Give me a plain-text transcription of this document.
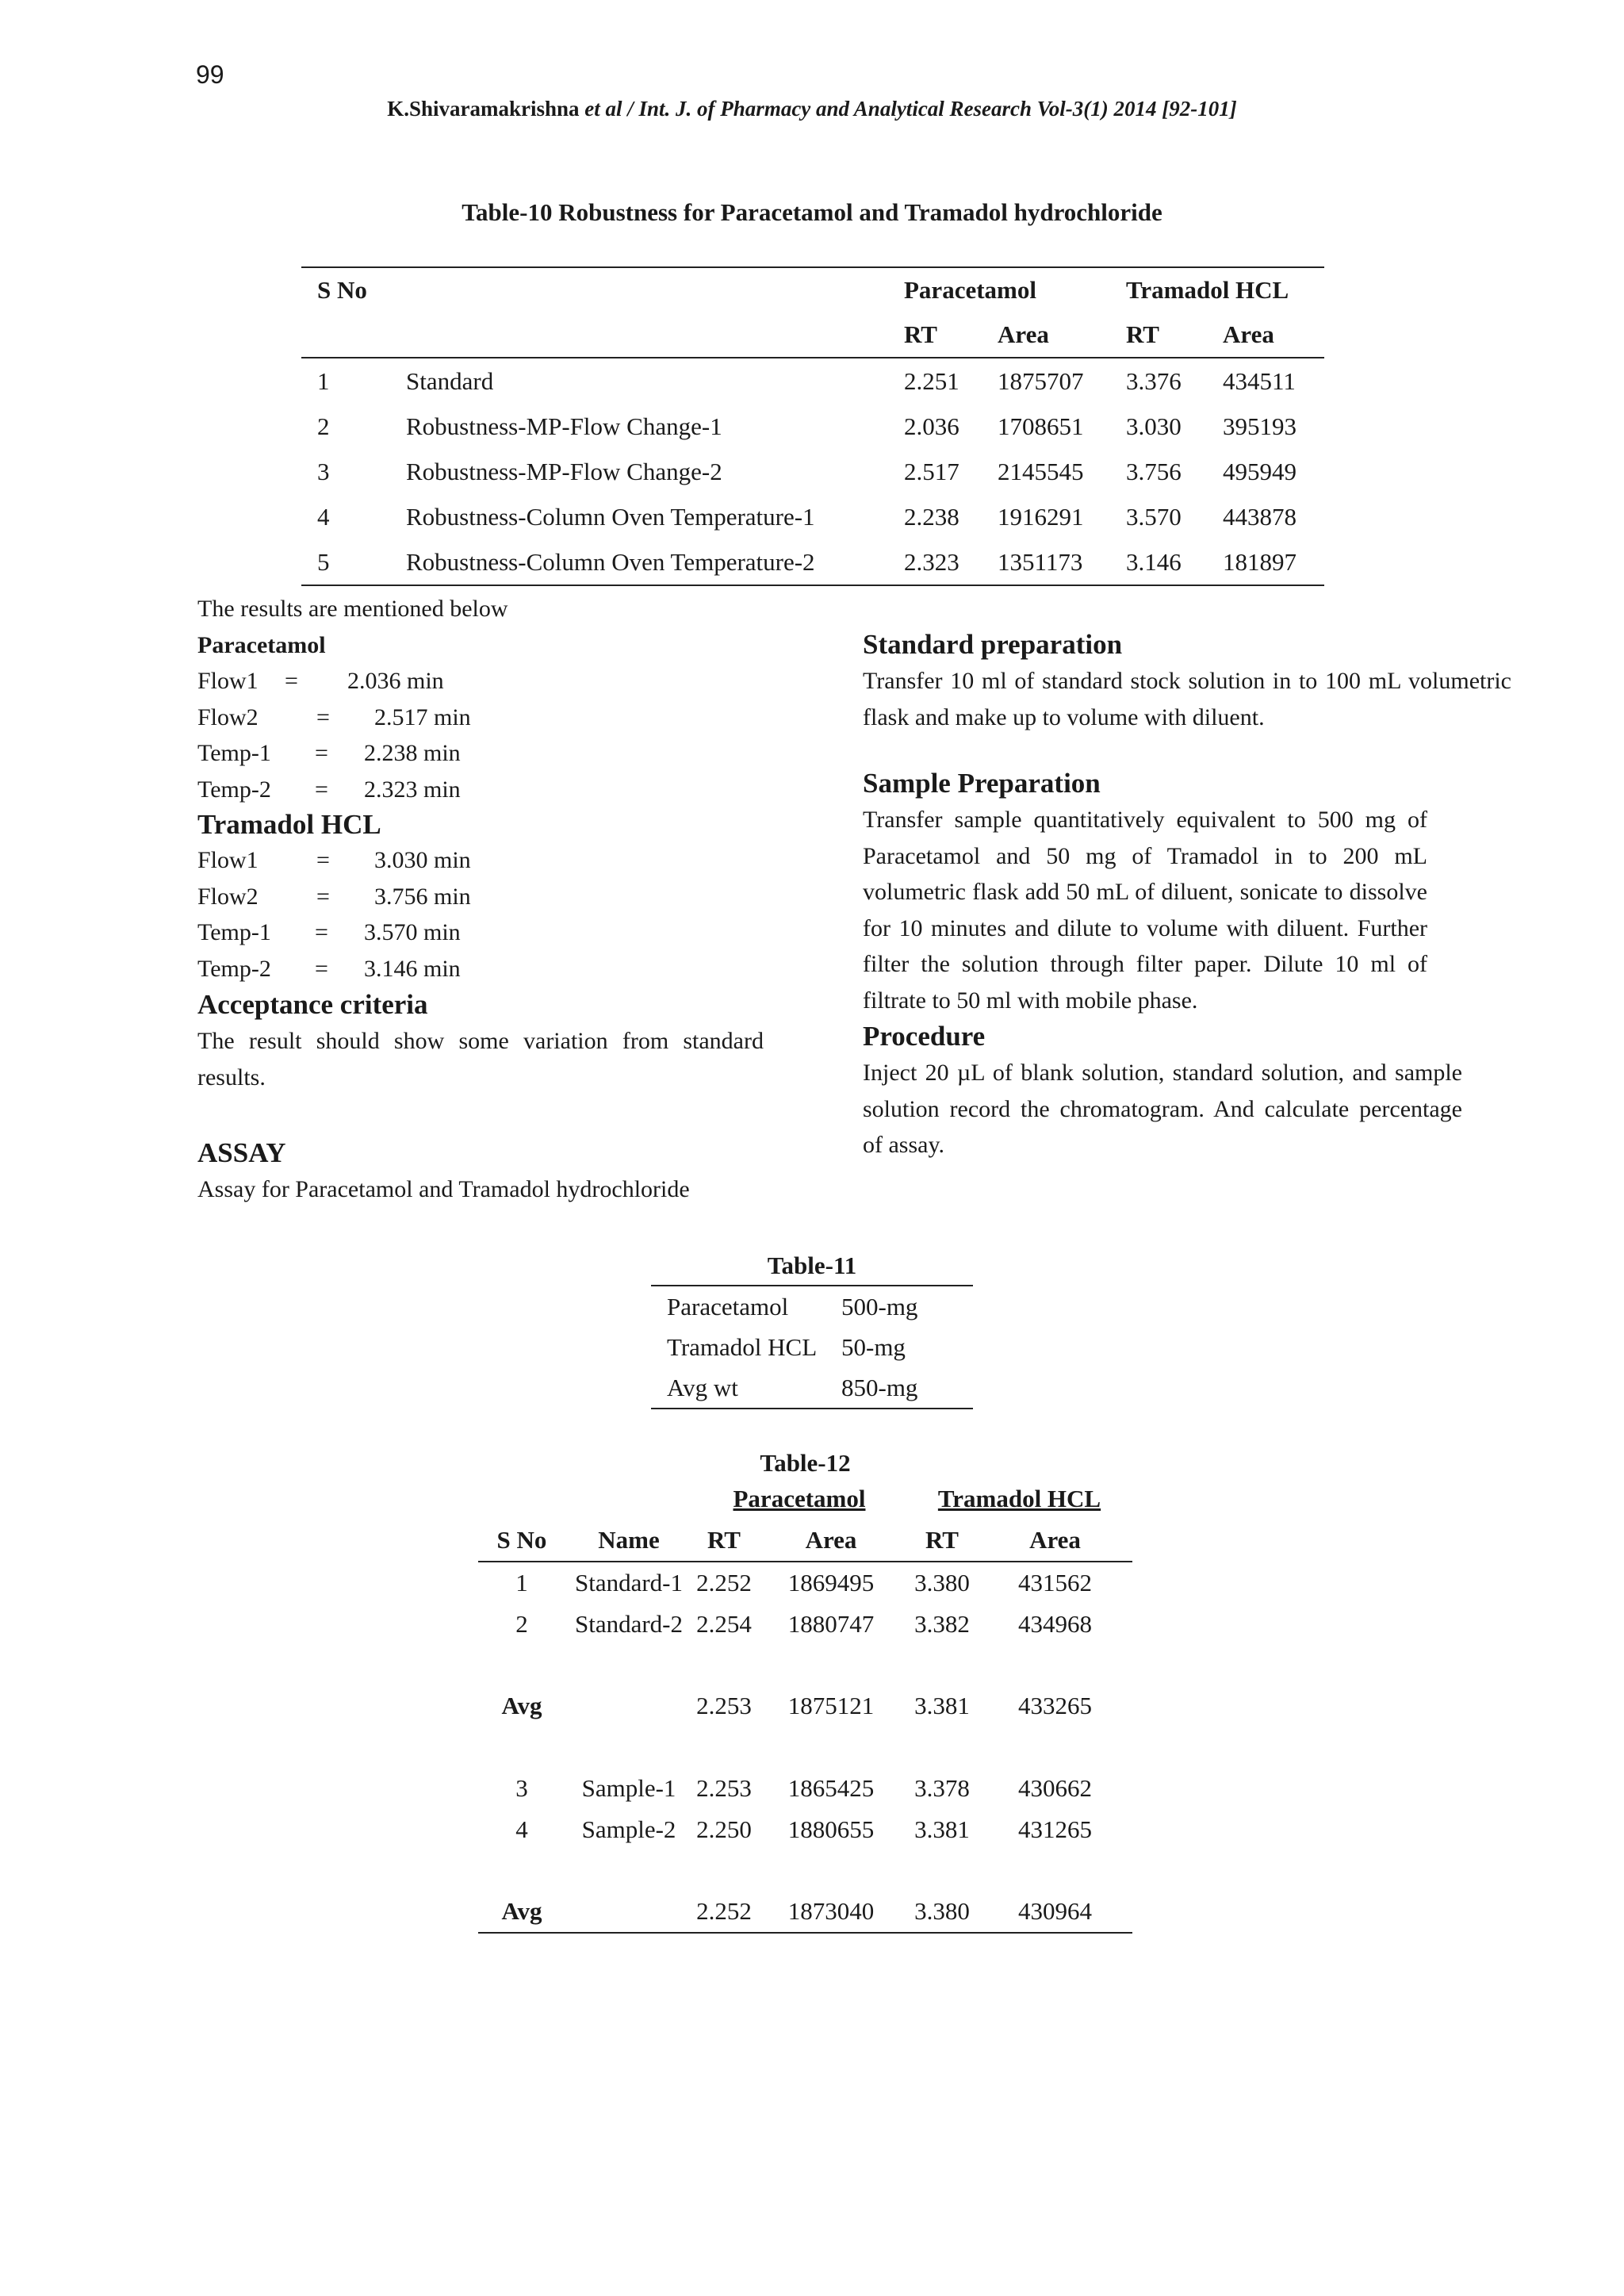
99
K.Shivaramakrishna et al / Int. J. of Pharmacy and Analytical Research Vol-3(1) 2014 [92-101]
Table-10 Robustness for Paracetamol and Tramadol hydrochloride
S No		Paracetamol		Tramadol HCL	
		RT	Area	RT	Area
1	Standard	2.251	1875707	3.376	434511
2	Robustness-MP-Flow Change-1	2.036	1708651	3.030	395193
3	Robustness-MP-Flow Change-2	2.517	2145545	3.756	495949
4	Robustness-Column Oven Temperature-1	2.238	1916291	3.570	443878
5	Robustness-Column Oven Temperature-2	2.323	1351173	3.146	181897
The results are mentioned below
Paracetamol
Flow1 = 2.036 min
Flow2 = 2.517 min
Temp-1 = 2.238 min
Temp-2 = 2.323 min
Tramadol HCL
Flow1 = 3.030 min
Flow2 = 3.756 min
Temp-1 = 3.570 min
Temp-2 = 3.146 min
Acceptance criteria
The result should show some variation from standard results.
ASSAY
Assay for Paracetamol and Tramadol hydrochloride
Standard preparation
Transfer 10 ml of standard stock solution in to 100 mL volumetric flask and make up to volume with diluent.
Sample Preparation
Transfer sample quantitatively equivalent to 500 mg of Paracetamol and 50 mg of Tramadol in to 200 mL volumetric flask add 50 mL of diluent, sonicate to dissolve for 10 minutes and dilute to volume with diluent. Further filter the solution through filter paper. Dilute 10 ml of filtrate to 50 ml with mobile phase.
Procedure
Inject 20 µL of blank solution, standard solution, and sample solution record the chromatogram. And calculate percentage of assay.
Table-11
Paracetamol	500-mg
Tramadol HCL	50-mg
Avg wt	850-mg
Table-12
		Paracetamol		Tramadol HCL	
S No	Name	RT	Area	RT	Area
1	Standard-1	2.252	1869495	3.380	431562
2	Standard-2	2.254	1880747	3.382	434968

Avg		2.253	1875121	3.381	433265

3	Sample-1	2.253	1865425	3.378	430662
4	Sample-2	2.250	1880655	3.381	431265

Avg		2.252	1873040	3.380	430964
